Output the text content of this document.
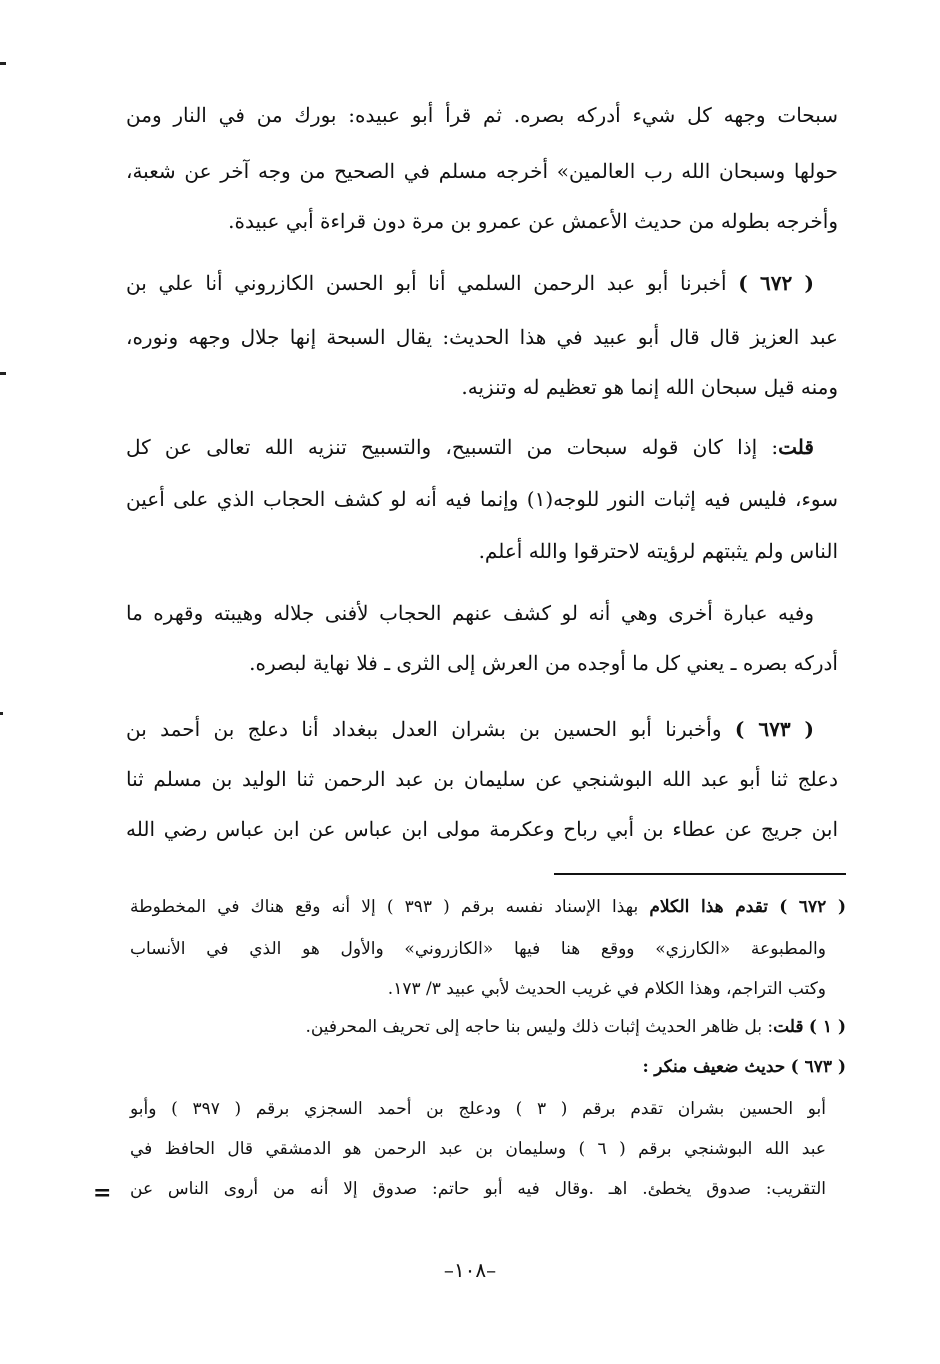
سبحات وجهه كل شيء أدركه بصره. ثم قرأ أبو عبيده: بورك من في النار ومن
حولها وسبحان الله رب العالمين» أخرجه مسلم في الصحيح من وجه آخر عن شعبة،
وأخرجه بطوله من حديث الأعمش عن عمرو بن مرة دون قراءة أبي عبيدة.
( ٦٧٢ ) أخبرنا أبو عبد الرحمن السلمي أنا أبو الحسن الكازروني أنا علي بن
عبد العزيز قال قال أبو عبيد في هذا الحديث: يقال السبحة إنها جلال وجهه ونوره،
ومنه قيل سبحان الله إنما هو تعظيم له وتنزيه.
قلت: إذا كان قوله سبحات من التسبيح، والتسبيح تنزيه الله تعالى عن كل
سوء، فليس فيه إثبات النور للوجه(١) وإنما فيه أنه لو كشف الحجاب الذي على أعين
الناس ولم يثبتهم لرؤيته لاحترقوا والله أعلم.
وفيه عبارة أخرى وهي أنه لو كشف عنهم الحجاب لأفنى جلاله وهيبته وقهره ما
أدركه بصره ـ يعني كل ما أوجده من العرش إلى الثرى ـ فلا نهاية لبصره.
( ٦٧٣ ) وأخبرنا أبو الحسين بن بشران العدل ببغداد أنا دعلج بن أحمد بن
دعلج ثنا أبو عبد الله البوشنجي عن سليمان بن عبد الرحمن ثنا الوليد بن مسلم ثنا
ابن جريج عن عطاء بن أبي رباح وعكرمة مولى ابن عباس عن ابن عباس رضي الله
( ٦٧٢ ) تقدم هذا الكلام بهذا الإسناد نفسه برقم ( ٣٩٣ ) إلا أنه وقع هناك في المخطوطة
والمطبوعة «الكارزي» ووقع هنا فيها «الكازروني» والأول هو الذي في الأنساب
وكتب التراجم، وهذا الكلام في غريب الحديث لأبي عبيد ٣/ ١٧٣.
( ١ ) قلت: بل ظاهر الحديث إثبات ذلك وليس بنا حاجه إلى تحريف المحرفين.
( ٦٧٣ ) حديث ضعيف منكر :
أبو الحسين بشران تقدم برقم ( ٣ ) ودعلج بن أحمد السجزي برقم ( ٣٩٧ ) وأبو
عبد الله البوشنجي برقم ( ٦ ) وسليمان بن عبد الرحمن هو الدمشقي قال الحافظ في
التقريب: صدوق يخطئ. اهـ .وقال فيه أبو حاتم: صدوق إلا أنه من أروى الناس عن
=
–١٠٨–
